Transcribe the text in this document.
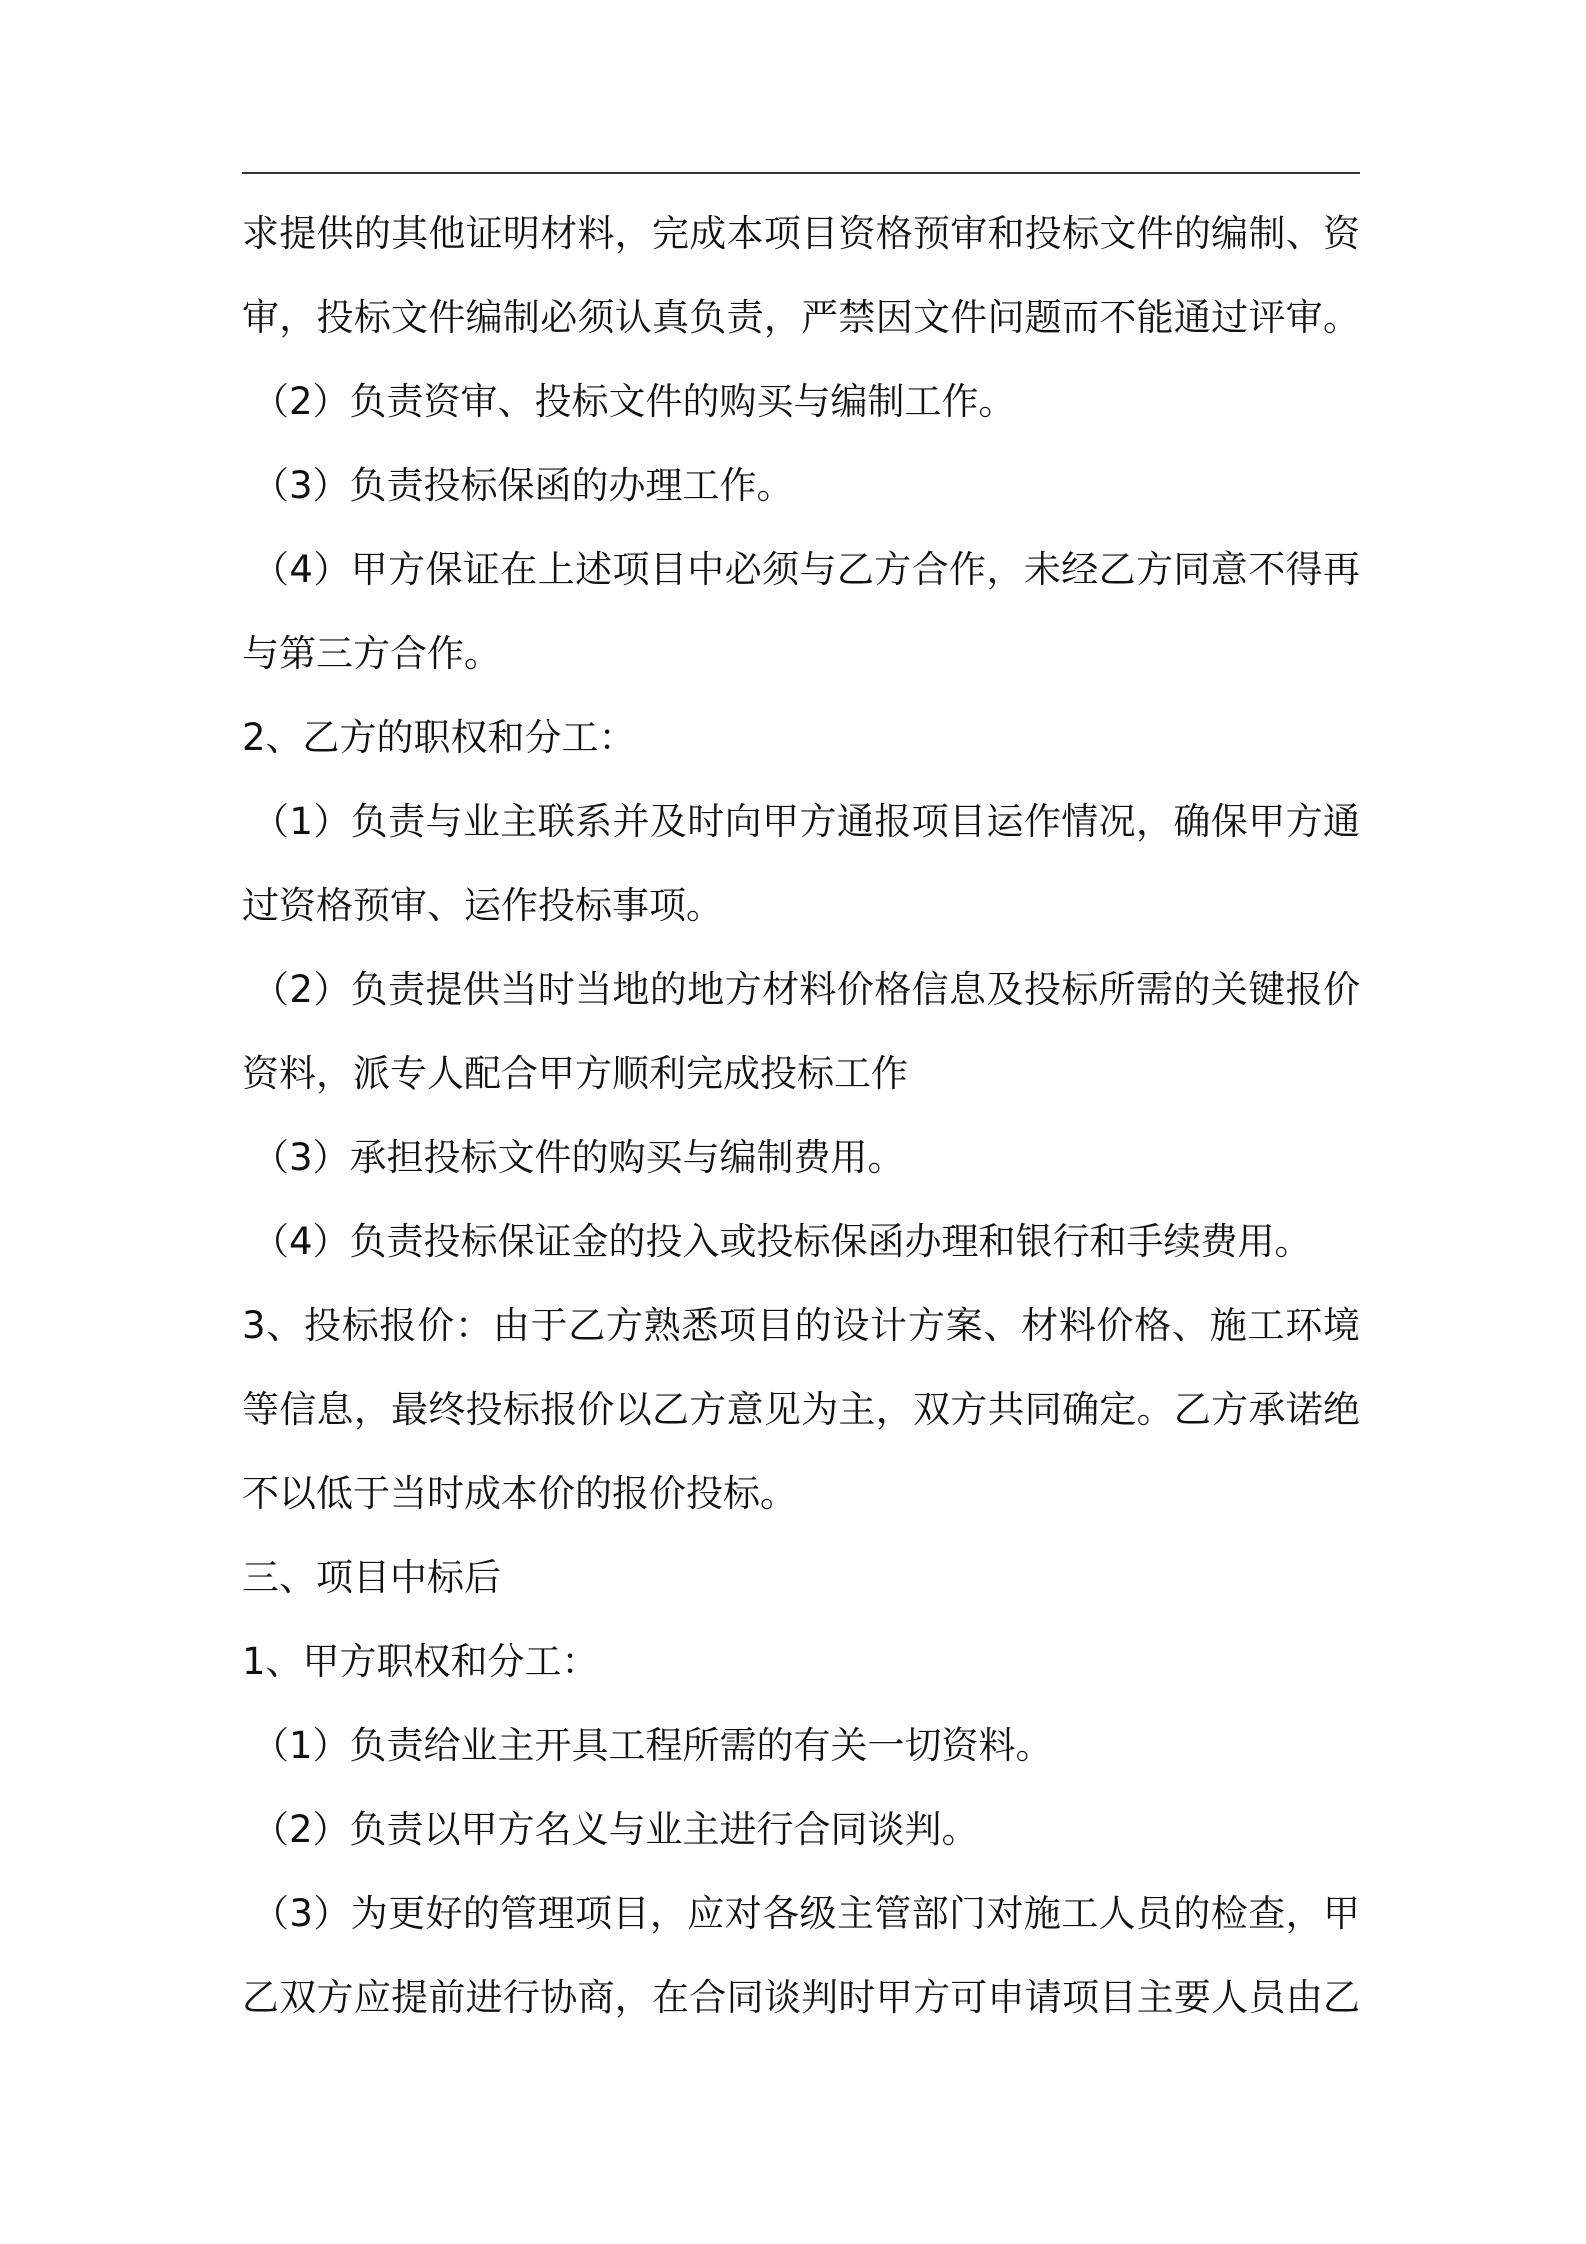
求提供的其他证明材料，完成本项目资格预审和投标文件的编制、资
审，投标文件编制必须认真负责，严禁因文件问题而不能通过评审。
（2）负责资审、投标文件的购买与编制工作。
（3）负责投标保函的办理工作。
（4）甲方保证在上述项目中必须与乙方合作，未经乙方同意不得再
与第三方合作。
2、乙方的职权和分工：
（1）负责与业主联系并及时向甲方通报项目运作情况，确保甲方通
过资格预审、运作投标事项。
（2）负责提供当时当地的地方材料价格信息及投标所需的关键报价
资料，派专人配合甲方顺利完成投标工作
（3）承担投标文件的购买与编制费用。
（4）负责投标保证金的投入或投标保函办理和银行和手续费用。
3、投标报价：由于乙方熟悉项目的设计方案、材料价格、施工环境
等信息，最终投标报价以乙方意见为主，双方共同确定。乙方承诺绝
不以低于当时成本价的报价投标。
三、项目中标后
1、甲方职权和分工：
（1）负责给业主开具工程所需的有关一切资料。
（2）负责以甲方名义与业主进行合同谈判。
（3）为更好的管理项目，应对各级主管部门对施工人员的检查，甲
乙双方应提前进行协商，在合同谈判时甲方可申请项目主要人员由乙
